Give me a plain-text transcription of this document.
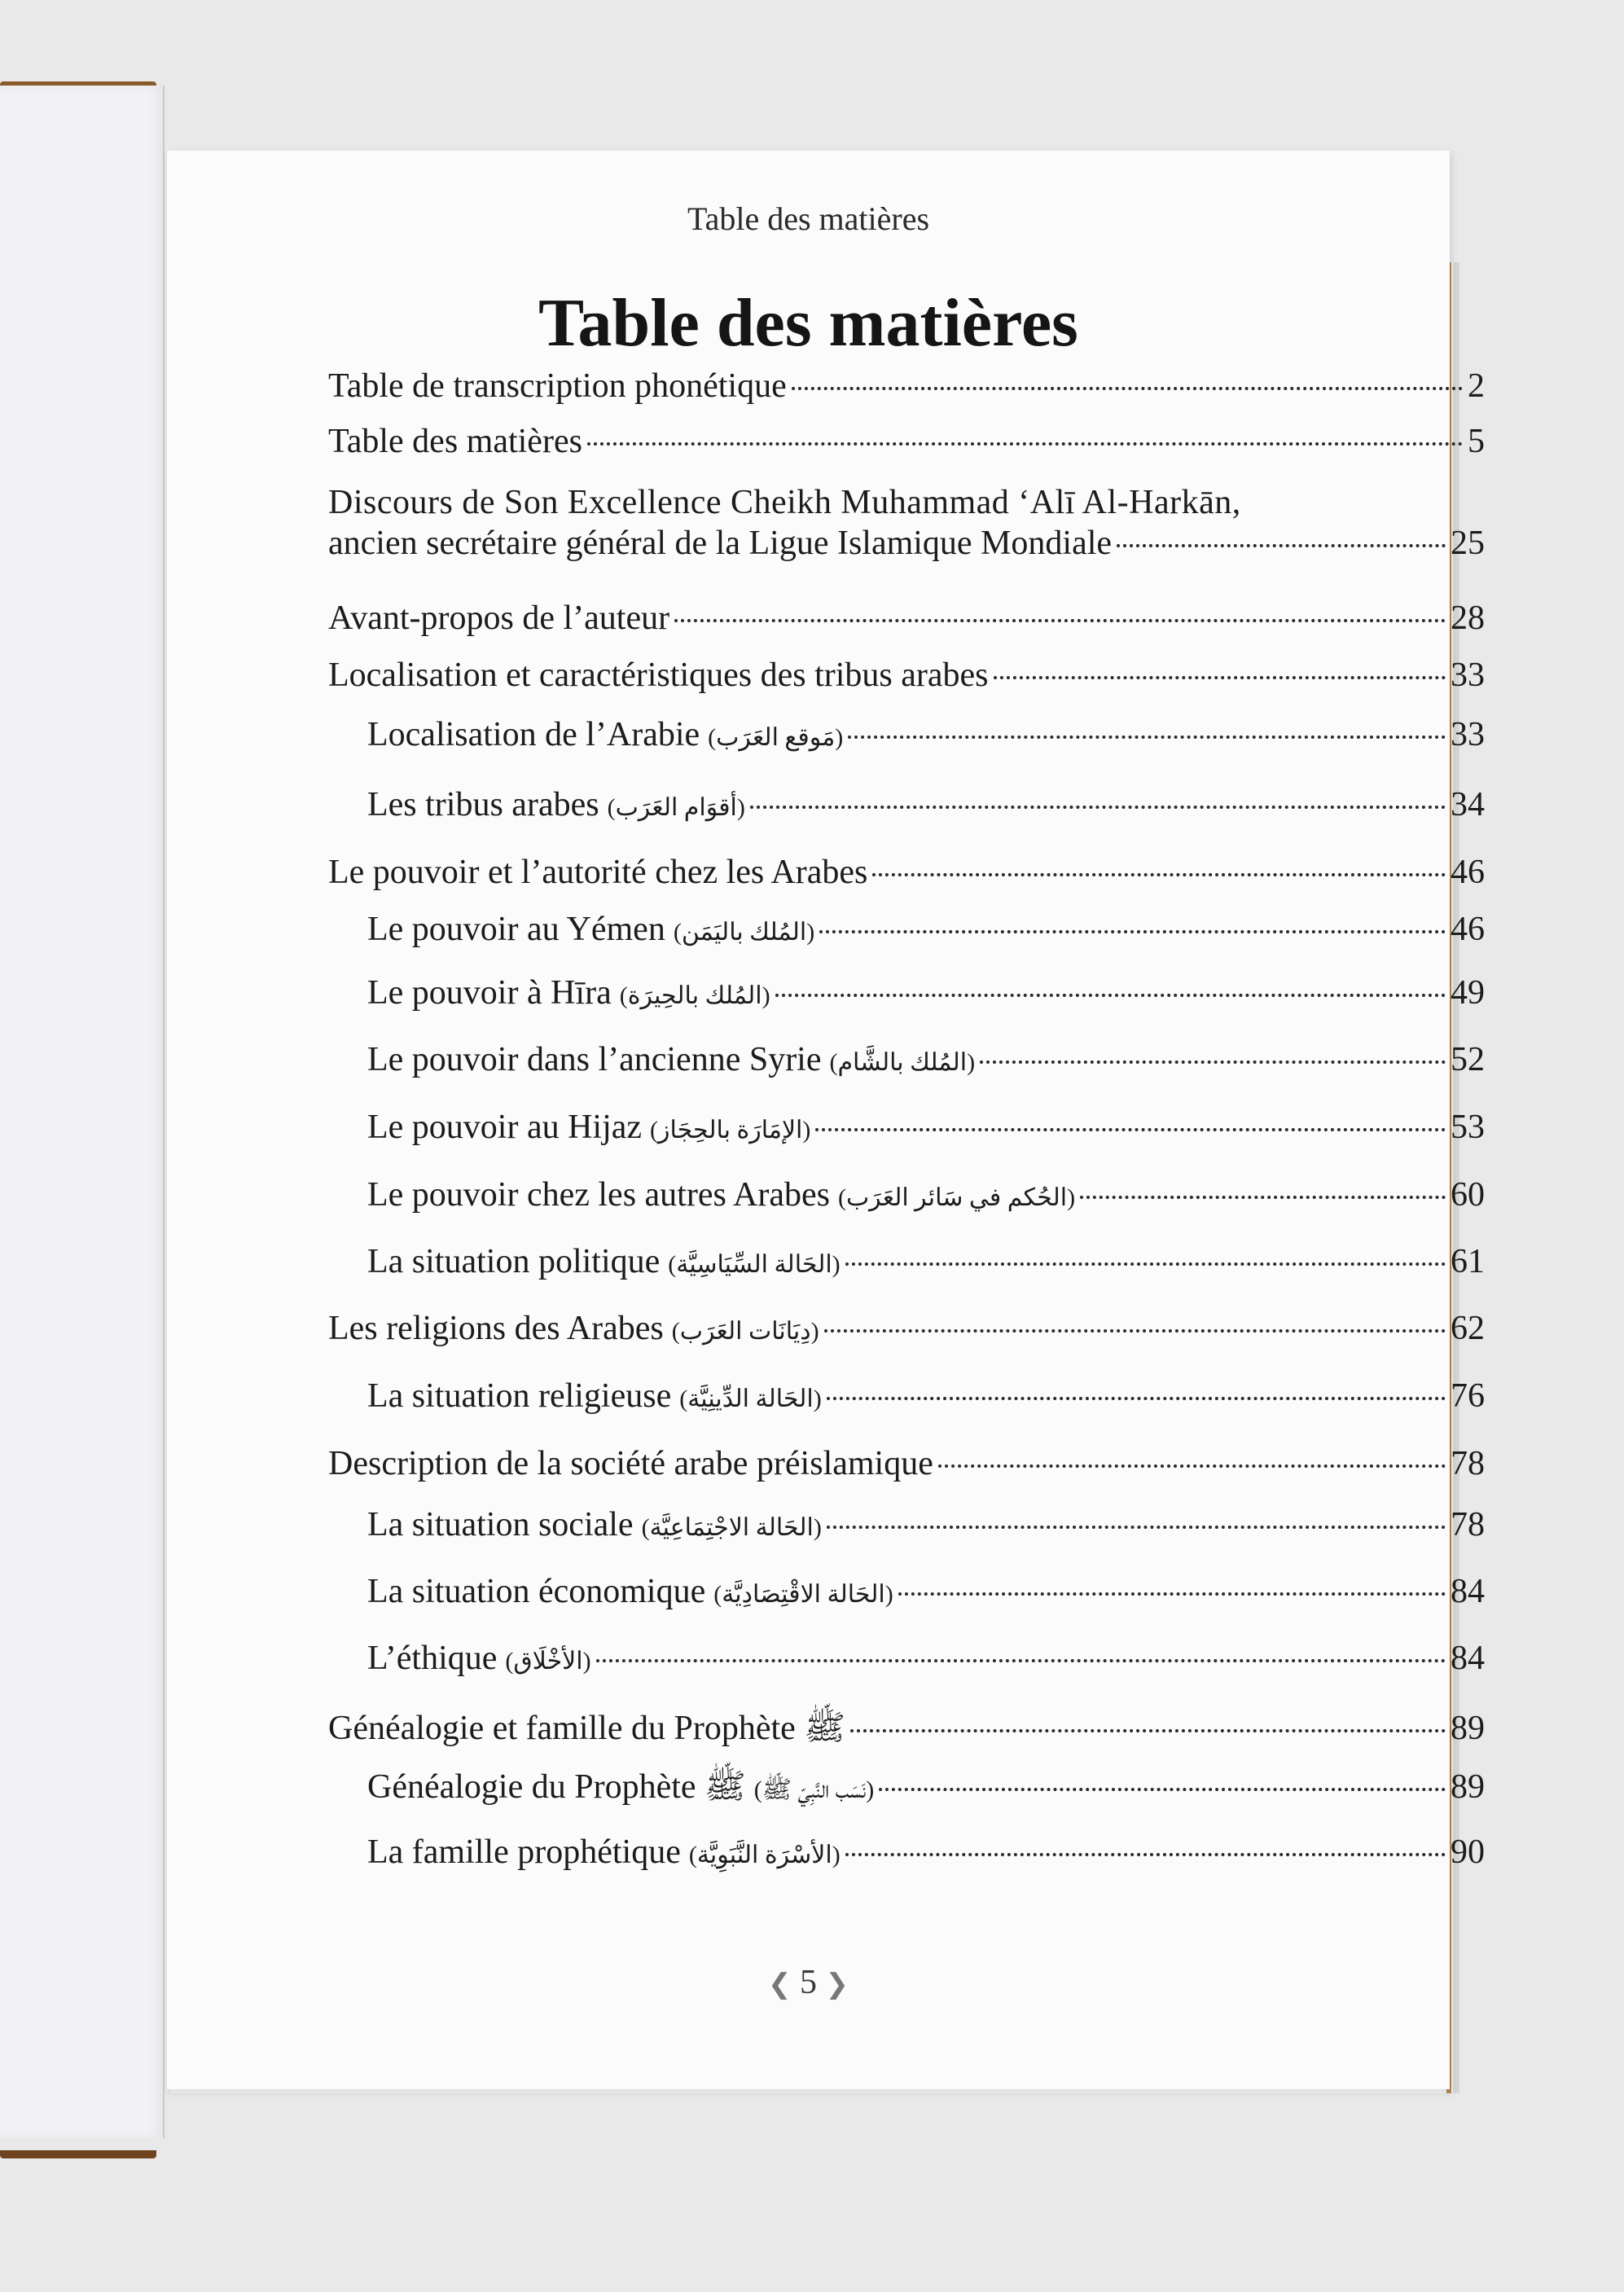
Table des matières
Table des matières
Table de transcription phonétique	2
Table des matières	5
Discours de Son Excellence Cheikh Muhammad ‘Alī Al-Harkān,
ancien secrétaire général de la Ligue Islamique Mondiale	25
Avant-propos de l’auteur	28
Localisation et caractéristiques des tribus arabes	33
Localisation de l’Arabie (مَوقع العَرَب)	33
Les tribus arabes (أقوَام العَرَب)	34
Le pouvoir et l’autorité chez les Arabes	46
Le pouvoir au Yémen (المُلك باليَمَن)	46
Le pouvoir à Hīra (المُلك بالحِيرَة)	49
Le pouvoir dans l’ancienne Syrie (المُلك بالشَّام)	52
Le pouvoir au Hijaz (الإمَارَة بالحِجَاز)	53
Le pouvoir chez les autres Arabes (الحُكم في سَائر العَرَب)	60
La situation politique (الحَالة السِّيَاسِيَّة)	61
Les religions des Arabes (دِيَانَات العَرَب)	62
La situation religieuse (الحَالة الدِّينِيَّة)	76
Description de la société arabe préislamique	78
La situation sociale (الحَالة الاجْتِمَاعِيَّة)	78
La situation économique (الحَالة الاقْتِصَادِيَّة)	84
L’éthique (الأخْلَاق)	84
Généalogie et famille du Prophète ﷺ	89
Généalogie du Prophète ﷺ (نَسَب النَّبِيّ ﷺ)	89
La famille prophétique (الأسْرَة النَّبَوِيَّة)	90
❮ 5 ❯
